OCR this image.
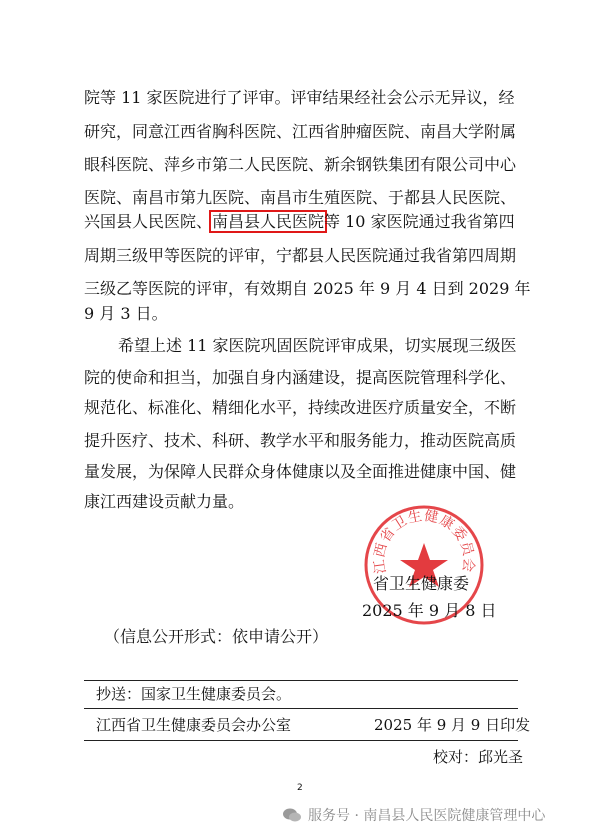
院等 11 家医院进行了评审。评审结果经社会公示无异议，经
研究，同意江西省胸科医院、江西省肿瘤医院、南昌大学附属
眼科医院、萍乡市第二人民医院、新余钢铁集团有限公司中心
医院、南昌市第九医院、南昌市生殖医院、于都县人民医院、
兴国县人民医院、南昌县人民医院等 10 家医院通过我省第四
周期三级甲等医院的评审，宁都县人民医院通过我省第四周期
三级乙等医院的评审，有效期自 2025 年 9 月 4 日到 2029 年
9 月 3 日。
希望上述 11 家医院巩固医院评审成果，切实展现三级医
院的使命和担当，加强自身内涵建设，提高医院管理科学化、
规范化、标准化、精细化水平，持续改进医疗质量安全，不断
提升医疗、技术、科研、教学水平和服务能力，推动医院高质
量发展，为保障人民群众身体健康以及全面推进健康中国、健
康江西建设贡献力量。
江西省卫生健康委员会
省卫生健康委
2025 年 9 月 8 日
（信息公开形式：依申请公开）
抄送：国家卫生健康委员会。
江西省卫生健康委员会办公室	2025 年 9 月 9 日印发
校对：邱光圣
2
服务号 · 南昌县人民医院健康管理中心
